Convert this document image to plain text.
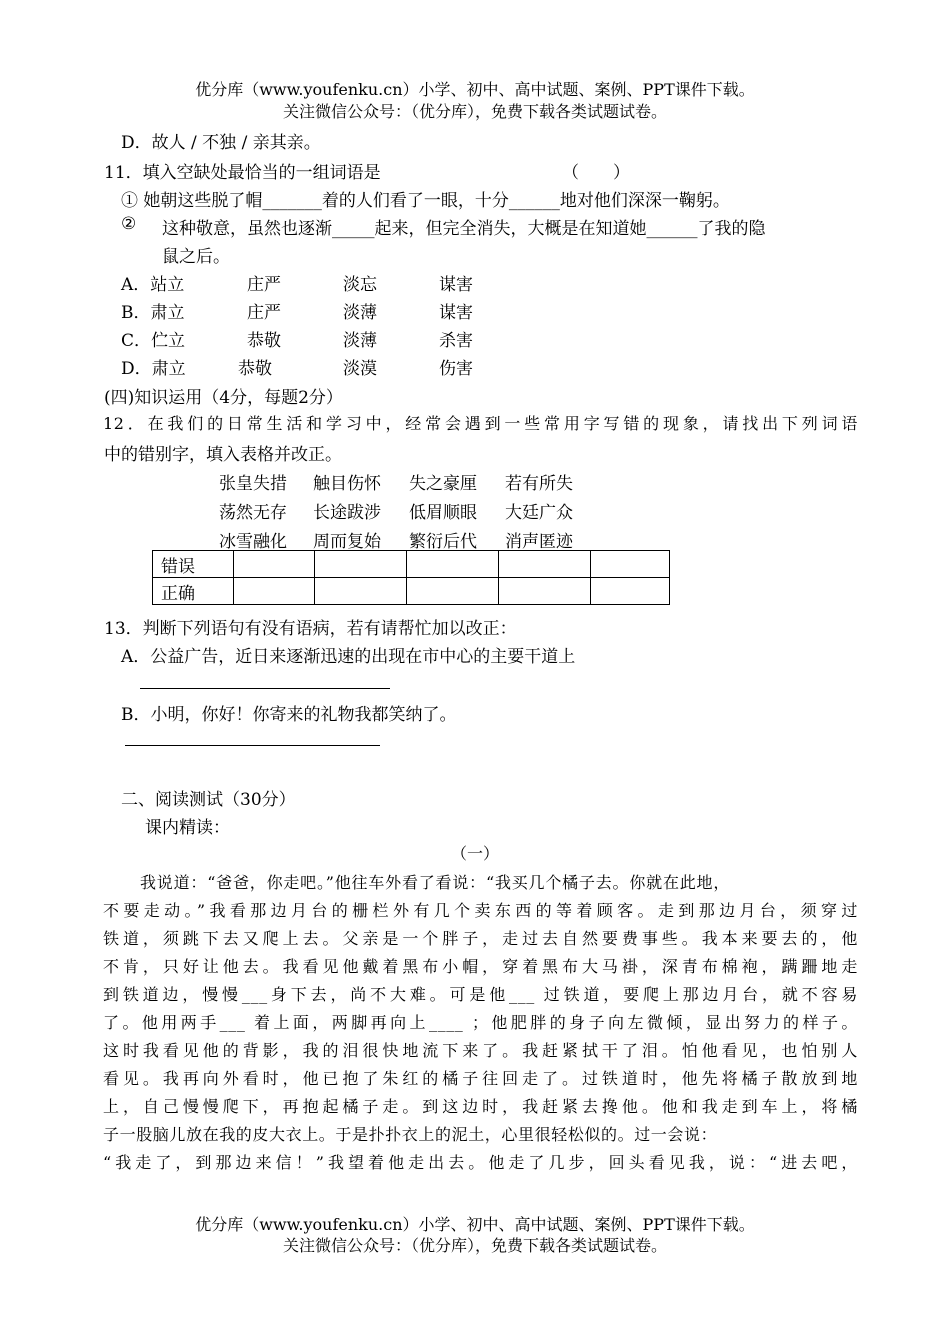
优分库（www.youfenku.cn）小学、初中、高中试题、案例、PPT课件下载。
关注微信公众号：（优分库），免费下载各类试题试卷。
D．故人 / 不独 / 亲其亲。
11．填入空缺处最恰当的一组词语是	（　　）
① 她朝这些脱了帽_______着的人们看了一眼，十分______地对他们深深一鞠躬。
② 这种敬意，虽然也逐渐_____起来，但完全消失，大概是在知道她______了我的隐
鼠之后。
A．站立	庄严	淡忘	谋害
B．肃立	庄严	淡薄	谋害
C．伫立	恭敬	淡薄	杀害
D．肃立	恭敬	淡漠	伤害
(四)知识运用（4分，每题2分）
12．在我们的日常生活和学习中，经常会遇到一些常用字写错的现象，请找出下列词语
中的错别字，填入表格并改正。
张皇失措 触目伤怀 失之豪厘 若有所失
荡然无存 长途跋涉 低眉顺眼 大廷广众
冰雪融化 周而复始 繁衍后代 消声匿迹
错误					
正确					
13．判断下列语句有没有语病，若有请帮忙加以改正：
A．公益广告，近日来逐渐迅速的出现在市中心的主要干道上
B．小明，你好！你寄来的礼物我都笑纳了。
二、阅读测试（30分）
课内精读：
（一）
我说道：“爸爸，你走吧。”他往车外看了看说：“我买几个橘子去。你就在此地，
不要走动。”我看那边月台的栅栏外有几个卖东西的等着顾客。走到那边月台，须穿过
铁道，须跳下去又爬上去。父亲是一个胖子，走过去自然要费事些。我本来要去的，他
不肯，只好让他去。我看见他戴着黑布小帽，穿着黑布大马褂，深青布棉袍，蹒跚地走
到铁道边，慢慢___身下去，尚不大难。可是他___ 过铁道，要爬上那边月台，就不容易
了。他用两手___ 着上面，两脚再向上____ ；他肥胖的身子向左微倾，显出努力的样子。
这时我看见他的背影，我的泪很快地流下来了。我赶紧拭干了泪。怕他看见，也怕别人
看见。我再向外看时，他已抱了朱红的橘子往回走了。过铁道时，他先将橘子散放到地
上，自己慢慢爬下，再抱起橘子走。到这边时，我赶紧去搀他。他和我走到车上，将橘
子一股脑儿放在我的皮大衣上。于是扑扑衣上的泥土，心里很轻松似的。过一会说：
“我走了，到那边来信！”我望着他走出去。他走了几步，回头看见我，说：“进去吧，
优分库（www.youfenku.cn）小学、初中、高中试题、案例、PPT课件下载。
关注微信公众号：（优分库），免费下载各类试题试卷。
